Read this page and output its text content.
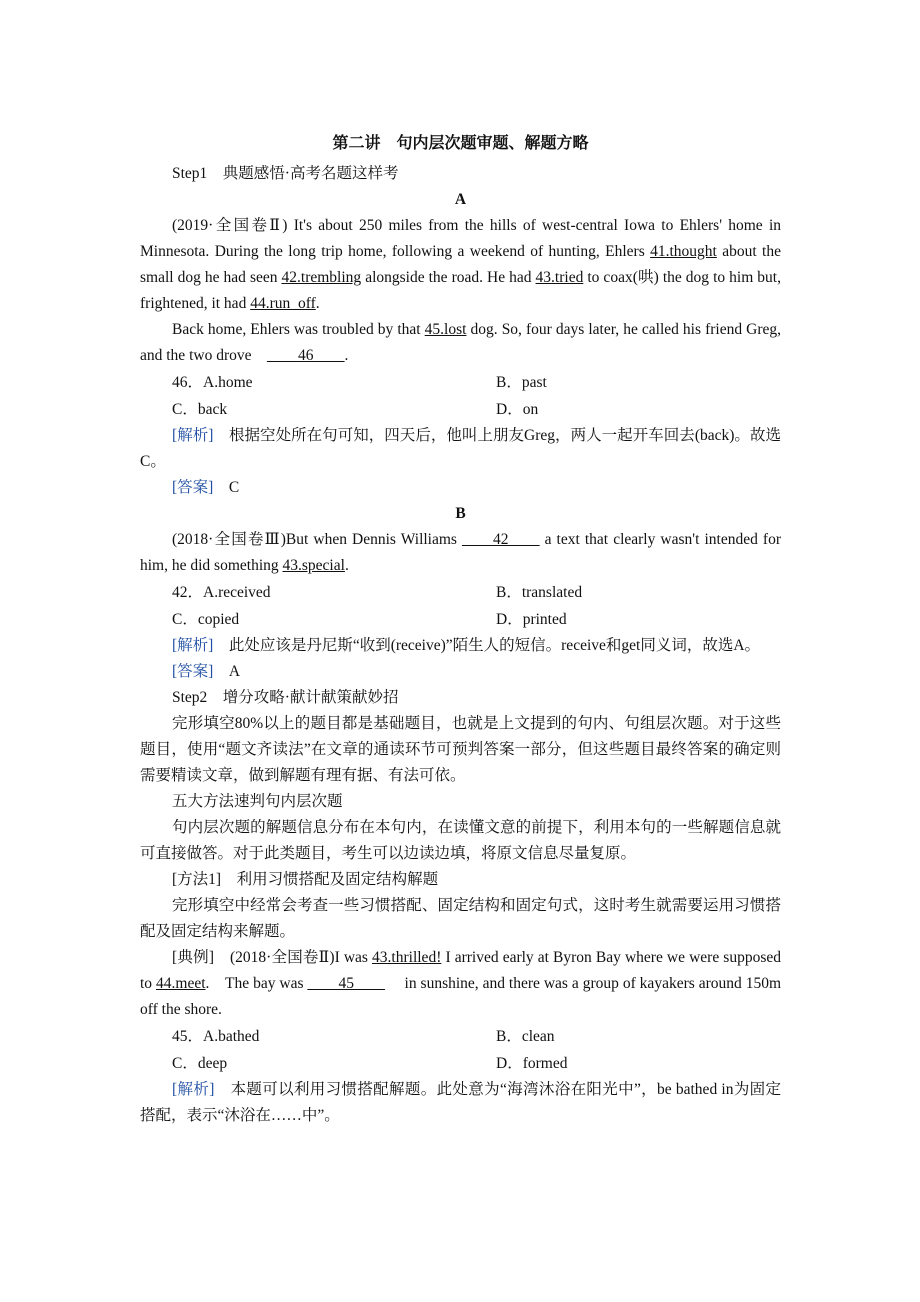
第二讲　句内层次题审题、解题方略

Step1　典题感悟·高考名题这样考

A

(2019·全国卷Ⅱ) It's about 250 miles from the hills of west-central Iowa to Ehlers' home in Minnesota. During the long trip home, following a weekend of hunting, Ehlers 41.thought about the small dog he had seen 42.trembling alongside the road. He had 43.tried to coax(哄) the dog to him but, frightened, it had 44.run_off.

Back home, Ehlers was troubled by that 45.lost dog. So, four days later, he called his friend Greg, and the two drove　____46____.

46．A.home	B．past
C．back	D．on

[解析]　根据空处所在句可知，四天后，他叫上朋友Greg，两人一起开车回去(back)。故选C。

[答案]　C

B

(2018·全国卷Ⅲ)But when Dennis Williams ____42____ a text that clearly wasn't intended for him, he did something 43.special.

42．A.received	B．translated
C．copied	D．printed

[解析]　此处应该是丹尼斯“收到(receive)”陌生人的短信。receive和get同义词，故选A。

[答案]　A

Step2　增分攻略·献计献策献妙招

完形填空80%以上的题目都是基础题目，也就是上文提到的句内、句组层次题。对于这些题目，使用“题文齐读法”在文章的通读环节可预判答案一部分，但这些题目最终答案的确定则需要精读文章，做到解题有理有据、有法可依。

五大方法速判句内层次题

句内层次题的解题信息分布在本句内，在读懂文意的前提下，利用本句的一些解题信息就可直接做答。对于此类题目，考生可以边读边填，将原文信息尽量复原。

[方法1]　利用习惯搭配及固定结构解题

完形填空中经常会考查一些习惯搭配、固定结构和固定句式，这时考生就需要运用习惯搭配及固定结构来解题。

[典例]　(2018·全国卷Ⅱ)I was 43.thrilled! I arrived early at Byron Bay where we were supposed to 44.meet.　The bay was ____45____　 in sunshine, and there was a group of kayakers around 150m off the shore.

45．A.bathed	B．clean
C．deep	D．formed

[解析]　本题可以利用习惯搭配解题。此处意为“海湾沐浴在阳光中”，be bathed in为固定搭配，表示“沐浴在……中”。
